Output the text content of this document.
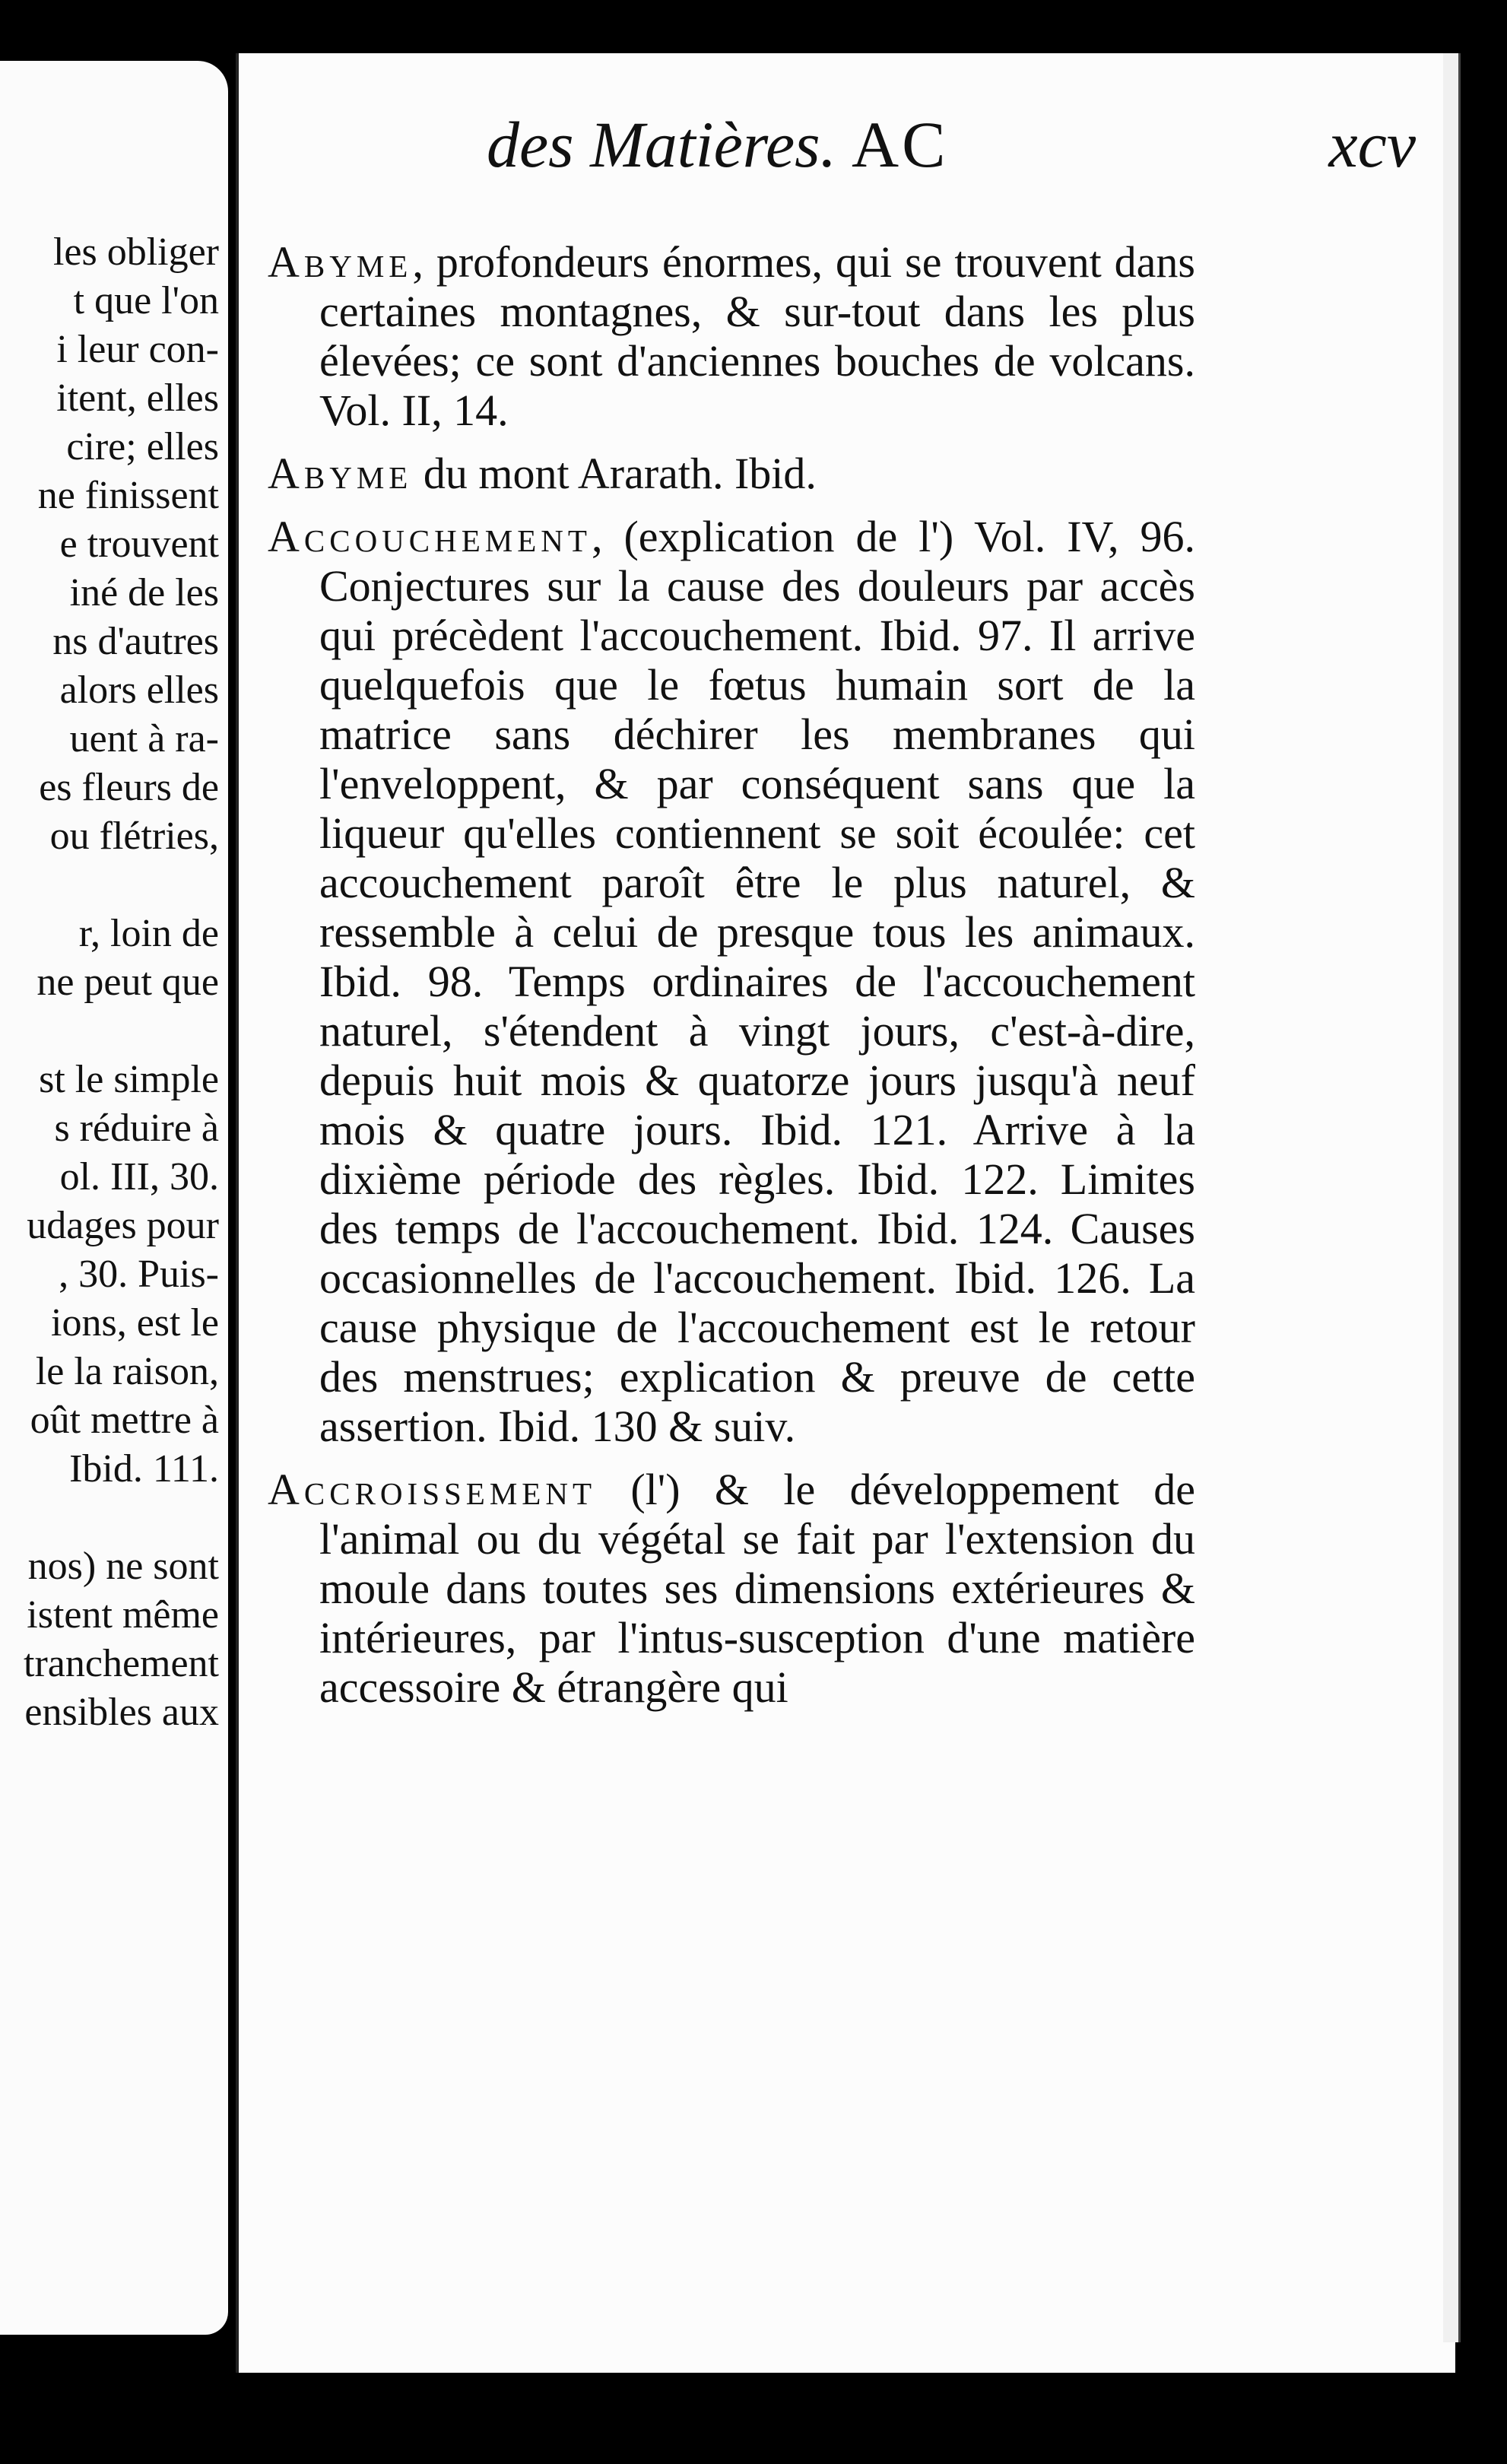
les obliger
t que l'on
i leur con-
itent, elles
cire; elles
ne finissent
e trouvent
iné de les
ns d'autres
alors elles
uent à ra-
es fleurs de
ou flétries,
r, loin de
ne peut que
st le simple
s réduire à
ol. III, 30.
udages pour
, 30. Puis-
ions, est le
le la raison,
oût mettre à
Ibid. 111.
nos) ne sont
istent même
tranchement
ensibles aux
des Matières. AC	xcv

Abyme, profondeurs énormes, qui se trouvent dans certaines montagnes, & sur-tout dans les plus élevées; ce sont d'anciennes bouches de volcans. Vol. II, 14.

Abyme du mont Ararath. Ibid.

Accouchement, (explication de l') Vol. IV, 96. Conjectures sur la cause des douleurs par accès qui précèdent l'accouchement. Ibid. 97. Il arrive quelquefois que le fœtus humain sort de la matrice sans déchirer les membranes qui l'enveloppent, & par conséquent sans que la liqueur qu'elles contiennent se soit écoulée: cet accouchement paroît être le plus naturel, & ressemble à celui de presque tous les animaux. Ibid. 98. Temps ordinaires de l'accouchement naturel, s'étendent à vingt jours, c'est-à-dire, depuis huit mois & quatorze jours jusqu'à neuf mois & quatre jours. Ibid. 121. Arrive à la dixième période des règles. Ibid. 122. Limites des temps de l'accouchement. Ibid. 124. Causes occasionnelles de l'accouchement. Ibid. 126. La cause physique de l'accouchement est le retour des menstrues; explication & preuve de cette assertion. Ibid. 130 & suiv.

Accroissement (l') & le développement de l'animal ou du végétal se fait par l'extension du moule dans toutes ses dimensions extérieures & intérieures, par l'intus-susception d'une matière accessoire & étrangère qui
